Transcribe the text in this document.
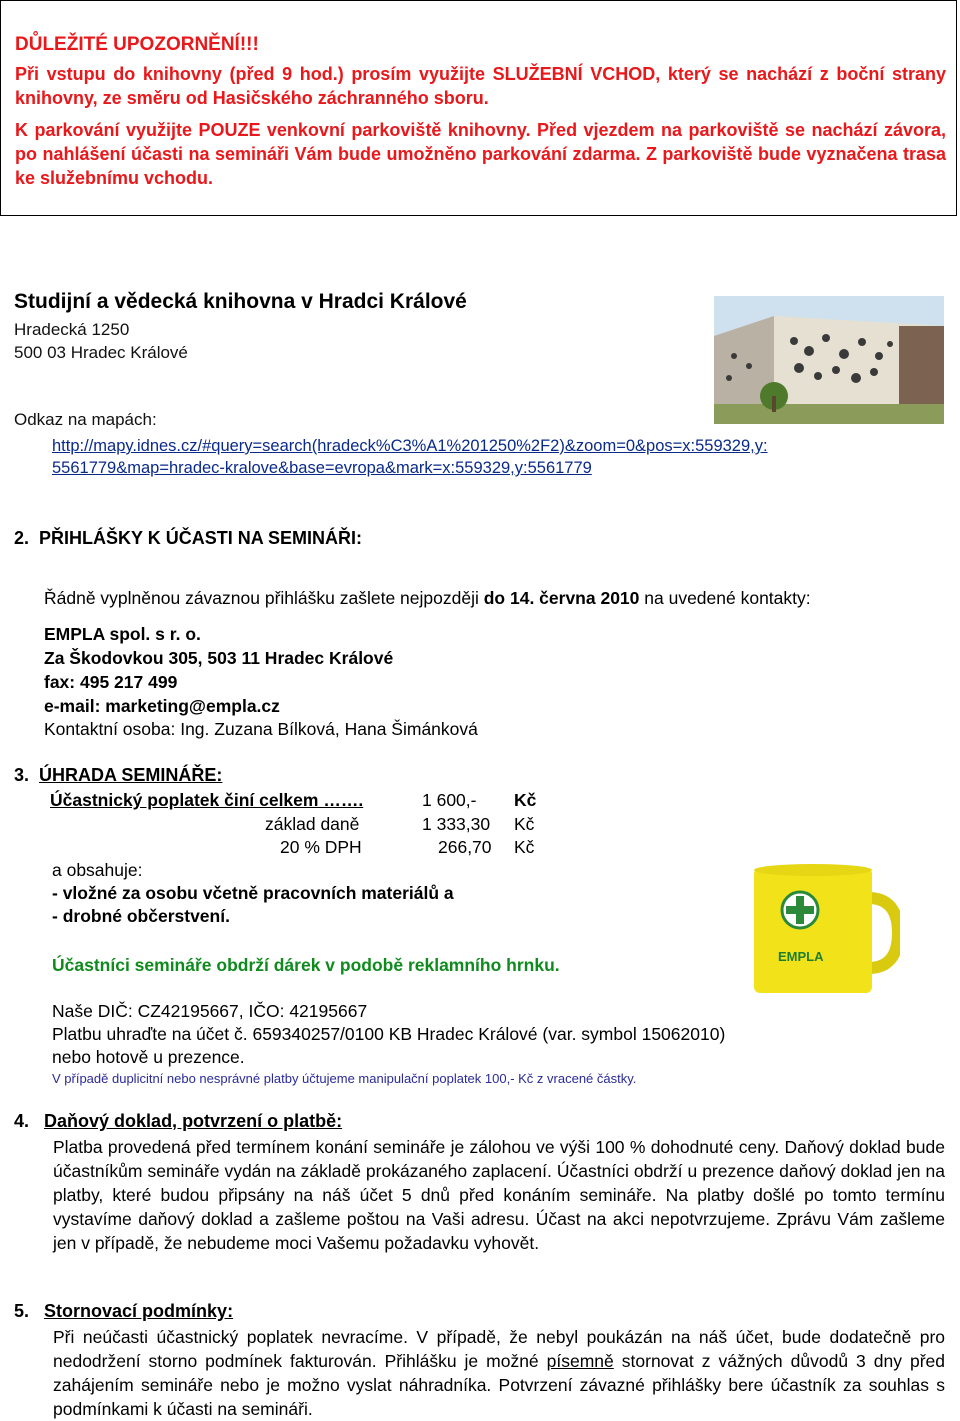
DŮLEŽITÉ UPOZORNĚNÍ!!!
Při vstupu do knihovny (před 9 hod.) prosím využijte SLUŽEBNÍ VCHOD, který se nachází z boční strany knihovny, ze směru od Hasičského záchranného sboru.
K parkování využijte POUZE venkovní parkoviště knihovny. Před vjezdem na parkoviště se nachází závora, po nahlášení účasti na semináři Vám bude umožněno parkování zdarma. Z parkoviště bude vyznačena trasa ke služebnímu vchodu.
Studijní a vědecká knihovna v Hradci Králové
Hradecká 1250
500 03 Hradec Králové
Odkaz na mapách:
http://mapy.idnes.cz/#query=search(hradeck%C3%A1%201250%2F2)&zoom=0&pos=x:559329,y:
5561779&map=hradec-kralove&base=evropa&mark=x:559329,y:5561779
2. PŘIHLÁŠKY K ÚČASTI NA SEMINÁŘI:
Řádně vyplněnou závaznou přihlášku zašlete nejpozději do 14. června 2010 na uvedené kontakty:
EMPLA spol. s r. o.
Za Škodovkou 305, 503 11 Hradec Králové
fax: 495 217 499
e-mail: marketing@empla.cz
Kontaktní osoba: Ing. Zuzana Bílková, Hana Šimánková
3. ÚHRADA SEMINÁŘE:
Účastnický poplatek činí celkem …….	1 600,- Kč
základ daně	1 333,30 Kč
20 % DPH	266,70 Kč
a obsahuje:
- vložné za osobu včetně pracovních materiálů a
- drobné občerstvení.
Účastníci semináře obdrží dárek v podobě reklamního hrnku.	EMPLA
Naše DIČ: CZ42195667, IČO: 42195667
Platbu uhraďte na účet č. 659340257/0100 KB Hradec Králové (var. symbol 15062010)
nebo hotově u prezence.
V případě duplicitní nebo nesprávné platby účtujeme manipulační poplatek 100,- Kč z vracené částky.
4. Daňový doklad, potvrzení o platbě:
Platba provedená před termínem konání semináře je zálohou ve výši 100 % dohodnuté ceny. Daňový doklad bude účastníkům semináře vydán na základě prokázaného zaplacení. Účastníci obdrží u prezence daňový doklad jen na platby, které budou připsány na náš účet 5 dnů před konáním semináře. Na platby došlé po tomto termínu vystavíme daňový doklad a zašleme poštou na Vaši adresu. Účast na akci nepotvrzujeme. Zprávu Vám zašleme jen v případě, že nebudeme moci Vašemu požadavku vyhovět.
5. Stornovací podmínky:
Při neúčasti účastnický poplatek nevracíme. V případě, že nebyl poukázán na náš účet, bude dodatečně pro nedodržení storno podmínek fakturován. Přihlášku je možné písemně stornovat z vážných důvodů 3 dny před zahájením semináře nebo je možno vyslat náhradníka. Potvrzení závazné přihlášky bere účastník za souhlas s podmínkami k účasti na semináři.
